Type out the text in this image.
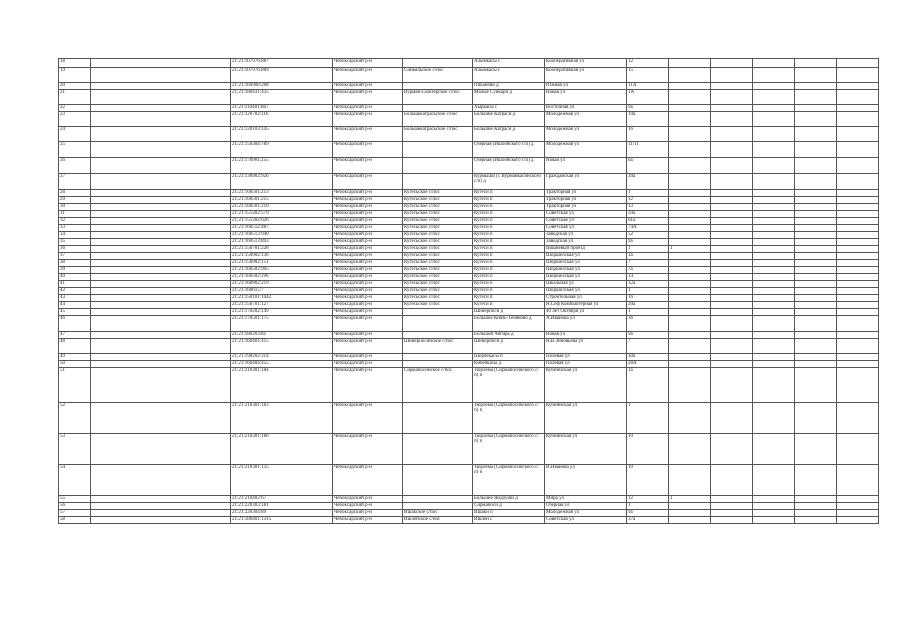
18		21:21:107976:887	Чебоксарский р-н		Алымкасы с	Кооперативная ул	12					
19		21:21:107976:889	Чебоксарский р-н	Синьяльское с/пос	Алымкасы с	Кооперативная ул	15					
20		21:21:160908:268	Чебоксарский р-н		Пиканово д	Южная ул	11А					
21		21:21:180431:435	Чебоксарский р-н	Вурман-Сюктерское с/пос	Малые Сункари д	Новая ул	1А					
22		21:21:110401:867	Чебоксарский р-н		Хыркасы с	Восточная ул	9а					
23		21:21:120702:116	Чебоксарский р-н	Большекатрасьское с/пос	Большие Катраси д	Молодежная ул	19а					
24		21:21:120103:145	Чебоксарский р-н	Большекатрасьское с/пос	Большие Катраси д	Молодежная ул	16					
25		21:21:150304:789	Чебоксарский р-н		Озерная (Ишлейского с/п) д	Молодежная ул	11/11					
26		21:21:170901:255	Чебоксарский р-н		Озерная (Ишлейского с/п) д	Новая ул	6а					
27		21:21:130902:926	Чебоксарский р-н		Курмыши (с Вурманкасинского с/п) д	Гражданская ул	20а					
28		21:21:160501:213	Чебоксарский р-н	Кугесьское с/пос	Кугеси п	Тракторная ул	1					
29		21:21:160501:215	Чебоксарский р-н	Кугесьское с/пос	Кугеси п	Тракторная ул	12					
30		21:21:160501:210	Чебоксарский р-н	Кугесьское с/пос	Кугеси п	Тракторная ул	13					
31		21:21:151202:579	Чебоксарский р-н	Кугесьское с/пос	Кугеси п	Советская ул	59а					
32		21:21:151202:626	Чебоксарский р-н	Кугесьское с/пос	Кугеси п	Советская ул	61а					
33		21:21:160512:487	Чебоксарский р-н	Кугесьское с/пос	Кугеси п	Советская ул	74А					
34		21:21:160513:940	Чебоксарский р-н	Кугесьское с/пос	Кугеси п	Заводская ул	52					
35		21:21:160513:893	Чебоксарский р-н	Кугесьское с/пос	Кугеси п	Заводская ул	9а					
36		21:21:150701:228	Чебоксарский р-н	Кугесьское с/пос	Кугеси п	Вишневый проезд	1	1				
37		21:21:150902:136	Чебоксарский р-н	Кугесьское с/пос	Кугеси п	Шоршелская ул	1а					
38		21:21:150902:151	Чебоксарский р-н	Кугесьское с/пос	Кугеси п	Шоршелская ул	7					
39		21:21:160502:995	Чебоксарский р-н	Кугесьское с/пос	Кугеси п	Шоршелская ул	7а					
40		21:21:160502:196	Чебоксарский р-н	Кугесьское с/пос	Кугеси п	Шоршелская ул	14					
41		21:21:160902:219	Чебоксарский р-н	Кугесьское с/пос	Кугеси п	Шкальная ул	12а					
42		21:21:160615:7	Чебоксарский р-н	Кугесьское с/пос	Кугеси п	Шоршелская ул	1					
43		21:21:150101:1042	Чебоксарский р-н	Кугесьское с/пос	Кугеси п	Строительная ул	16					
44		21:21:150701:127	Чебоксарский р-н	Кугесьское с/пос	Кугеси п	Н.Сеф Компьютерная ул	20а					
45		21:21:170202:149	Чебоксарский р-н		Шинерпоси д	40 лет Октября ул	1					
46		21:21:170501:175	Чебоксарский р-н		Большое Князь-Теняково д	А.Иванова ул	36					
47		21:21:180203:81	Чебоксарский р-н		Большой Чигирь д	Новая ул	9а					
48		21:21:160401:415	Чебоксарский р-н	Шинерпосинское с/пос	Шинерпоси д	Н.В.Зиновьева ул	7					
49		21:21:190202:314	Чебоксарский р-н		Шорчекасы п	Полевая ул	30а					
50		21:21:160404:455	Чебоксарский р-н		Кибечкасы д	Полевая ул	28А					
51		21:21:210301:184	Чебоксарский р-н	Сирмапосинское с/пос	Тюрлема (Сирмапосинского с/п) п	Кубнинская ул	1а					
52		21:21:210301:183	Чебоксарский р-н		Тюрлема (Сирмапосинского с/п) п	Кубнинская ул	1					
53		21:21:210301:186	Чебоксарский р-н		Тюрлема (Сирмапосинского с/п) п	Кубнинская ул	10					
54		21:21:210301:135	Чебоксарский р-н		Тюрлема (Сирмапосинского с/п) п	И.Иванова ул	10					
55		21:21:210402:67	Чебоксарский р-н		Большие Яндоуши д	Мира ул	12	1				
56		21:21:220303:181	Чебоксарский р-н		Сирмапоси д	Озерная ул	1					
57		21:21:220304:89	Чебоксарский р-н	Ишакское с/пос	Ишаки п	Молодежная ул	9а					
58		21:21:180401:1315	Чебоксарский р-н	Ишлейское с/пос	Ишлеи с	Советская ул	37а					
